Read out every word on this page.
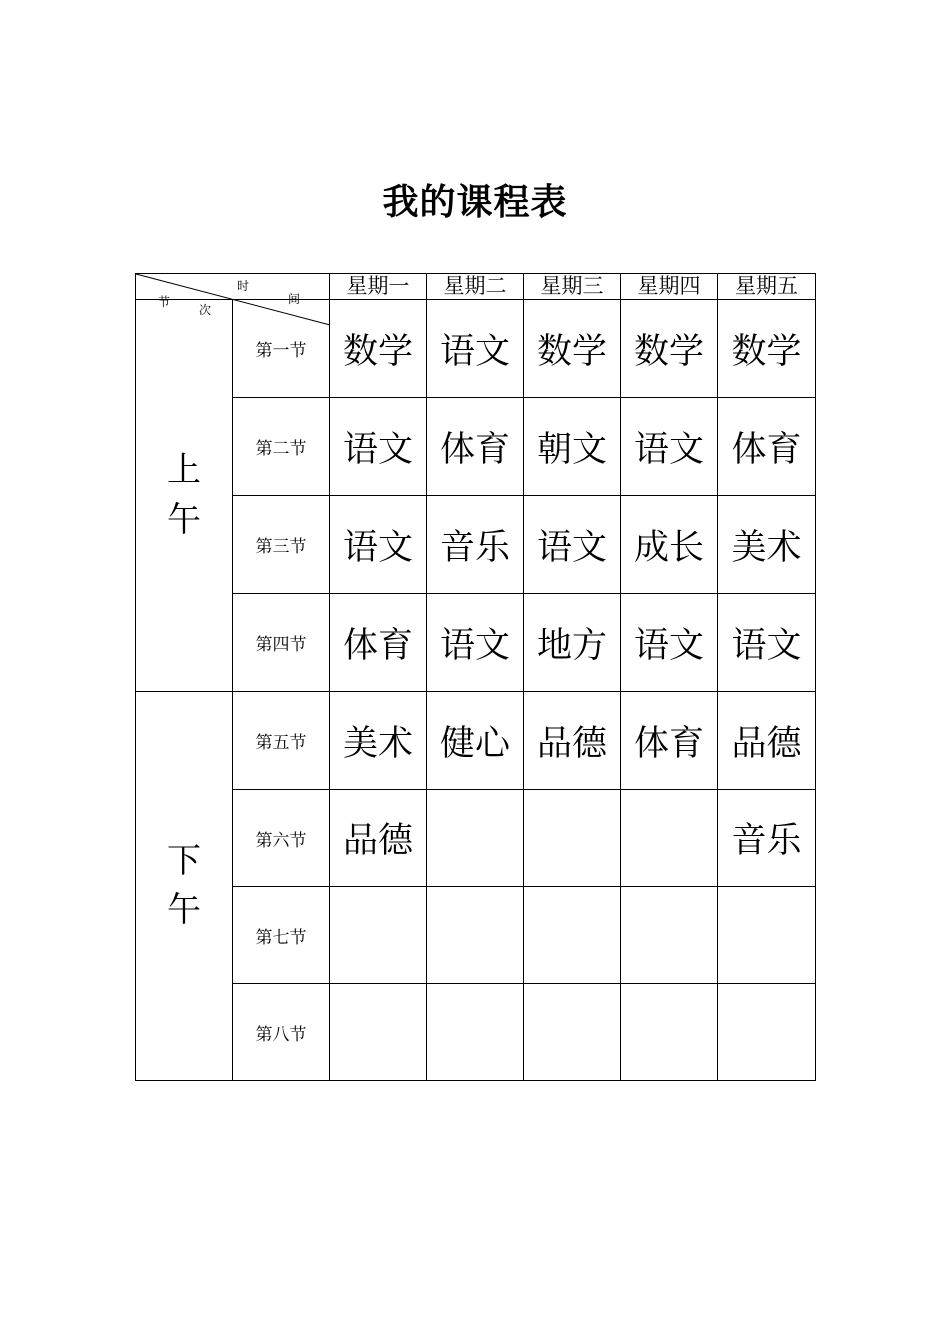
我的课程表
时
间
节
次		星期一	星期二	星期三	星期四	星期五
上午	第一节	数学	语文	数学	数学	数学
	第二节	语文	体育	朝文	语文	体育
	第三节	语文	音乐	语文	成长	美术
	第四节	体育	语文	地方	语文	语文
下午	第五节	美术	健心	品德	体育	品德
	第六节	品德				音乐
	第七节					
	第八节					
